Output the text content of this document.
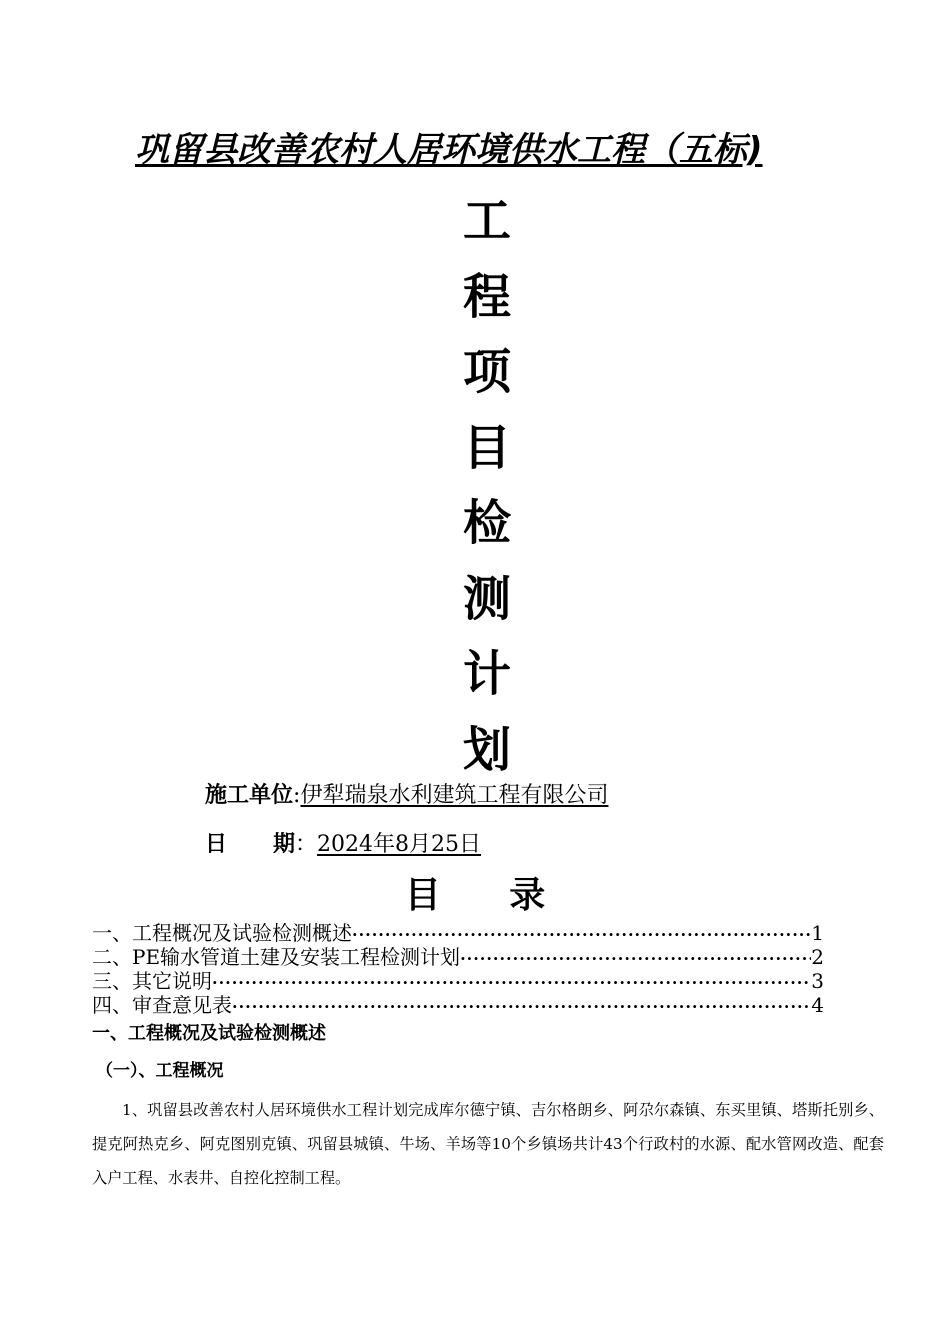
巩留县改善农村人居环境供水工程（五标)
工
程
项
目
检
测
计
划
施工单位:伊犁瑞泉水利建筑工程有限公司
日期：2024年8月25日
目 录
一、工程概况及试验检测概述 ·····	1
二、PE输水管道土建及安装工程检测计划 ·····	2
三、其它说明 ·····	3
四、审查意见表 ·····	4
一、工程概况及试验检测概述
（一）、工程概况
1、巩留县改善农村人居环境供水工程计划完成库尔德宁镇、吉尔格朗乡、阿尕尔森镇、东买里镇、塔斯托别乡、提克阿热克乡、阿克图别克镇、巩留县城镇、牛场、羊场等10个乡镇场共计43个行政村的水源、配水管网改造、配套入户工程、水表井、自控化控制工程。
